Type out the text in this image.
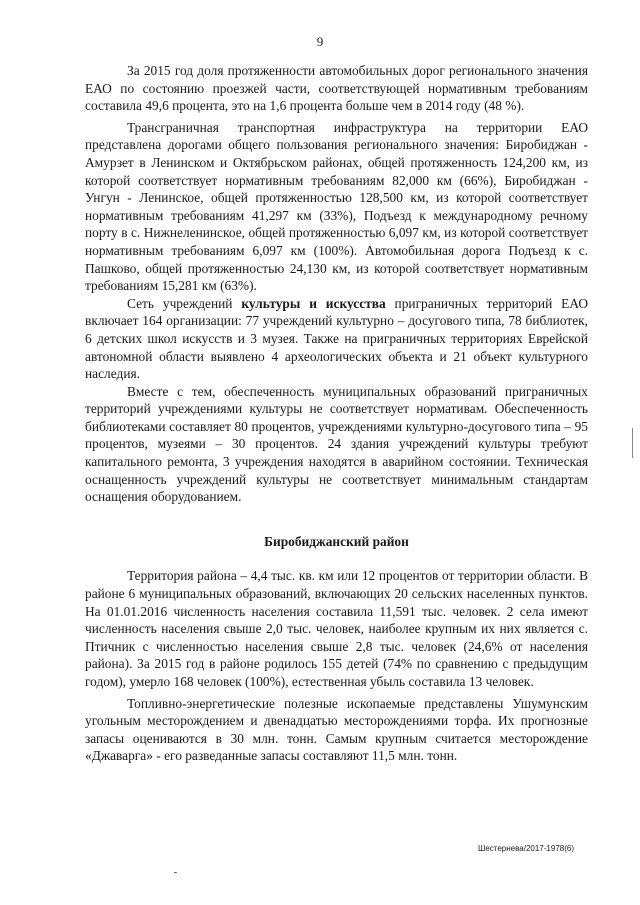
9

За 2015 год доля протяженности автомобильных дорог регионального значения ЕАО по состоянию проезжей части, соответствующей нормативным требованиям составила 49,6 процента, это на 1,6 процента больше чем в 2014 году (48 %).

Трансграничная транспортная инфраструктура на территории ЕАО представлена дорогами общего пользования регионального значения: Биробиджан - Амурзет в Ленинском и Октябрьском районах, общей протяженность 124,200 км, из которой соответствует нормативным требованиям 82,000 км (66%), Биробиджан - Унгун - Ленинское, общей протяженностью 128,500 км, из которой соответствует нормативным требованиям 41,297 км (33%), Подъезд к международному речному порту в с. Нижнеленинское, общей протяженностью 6,097 км, из которой соответствует нормативным требованиям 6,097 км (100%). Автомобильная дорога Подъезд к с. Пашково, общей протяженностью 24,130 км, из которой соответствует нормативным требованиям 15,281 км (63%).

Сеть учреждений культуры и искусства приграничных территорий ЕАО включает 164 организации: 77 учреждений культурно – досугового типа, 78 библиотек, 6 детских школ искусств и 3 музея. Также на приграничных территориях Еврейской автономной области выявлено 4 археологических объекта и 21 объект культурного наследия.

Вместе с тем, обеспеченность муниципальных образований приграничных территорий учреждениями культуры не соответствует нормативам. Обеспеченность библиотеками составляет 80 процентов, учреждениями культурно-досугового типа – 95 процентов, музеями – 30 процентов. 24 здания учреждений культуры требуют капитального ремонта, 3 учреждения находятся в аварийном состоянии. Техническая оснащенность учреждений культуры не соответствует минимальным стандартам оснащения оборудованием.

Биробиджанский район

Территория района – 4,4 тыс. кв. км или 12 процентов от территории области. В районе 6 муниципальных образований, включающих 20 сельских населенных пунктов. На 01.01.2016 численность населения составила 11,591 тыс. человек. 2 села имеют численность населения свыше 2,0 тыс. человек, наиболее крупным их них является с. Птичник с численностью населения свыше 2,8 тыс. человек (24,6% от населения района). За 2015 год в районе родилось 155 детей (74% по сравнению с предыдущим годом), умерло 168 человек (100%), естественная убыль составила 13 человек.

Топливно-энергетические полезные ископаемые представлены Ушумунским угольным месторождением и двенадцатью месторождениями торфа. Их прогнозные запасы оцениваются в 30 млн. тонн. Самым крупным считается месторождение «Джаварга» - его разведанные запасы составляют 11,5 млн. тонн.

Шестернева/2017-1978(6)
